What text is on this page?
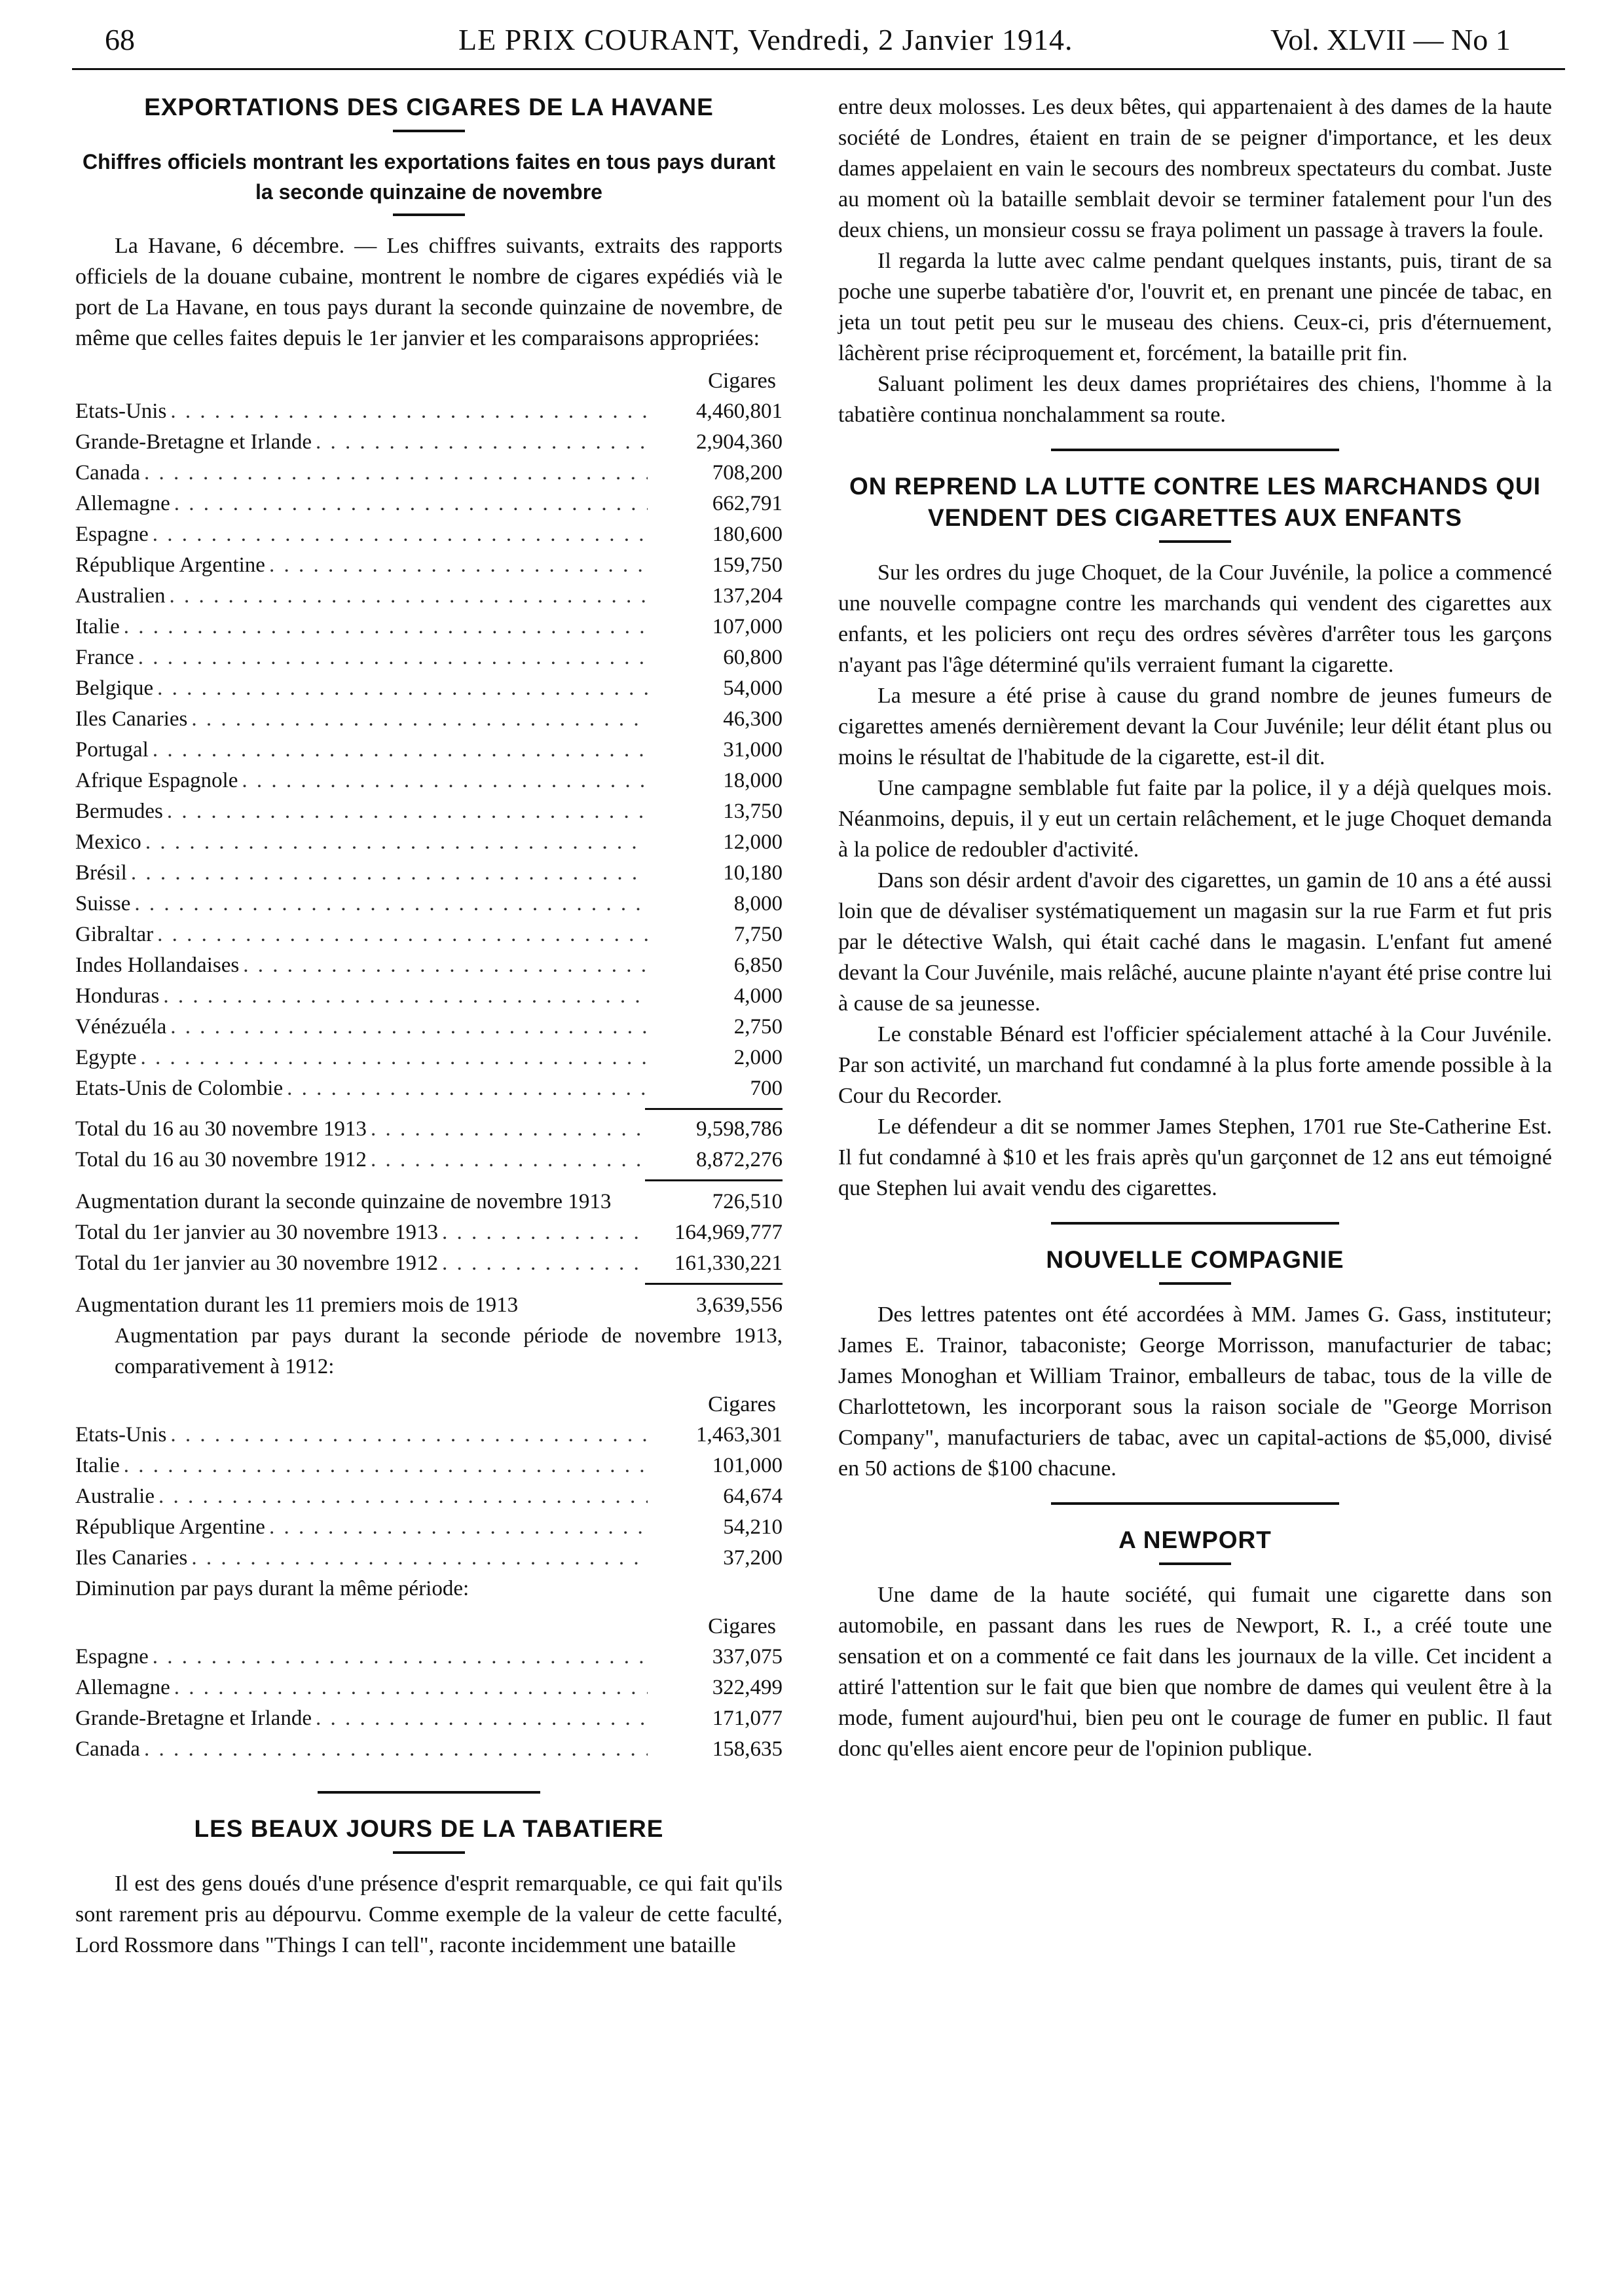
68	LE PRIX COURANT, Vendredi, 2 Janvier 1914.	Vol. XLVII — No 1
EXPORTATIONS DES CIGARES DE LA HAVANE
Chiffres officiels montrant les exportations faites en tous pays durant la seconde quinzaine de novembre

La Havane, 6 décembre. — Les chiffres suivants, extraits des rapports officiels de la douane cubaine, montrent le nombre de cigares expédiés vià le port de La Havane, en tous pays durant la seconde quinzaine de novembre, de même que celles faites depuis le 1er janvier et les comparaisons appropriées:

Cigares
Etats-Unis . . .	4,460,801
Grande-Bretagne et Irlande . . .	2,904,360
Canada . . .	708,200
Allemagne . . .	662,791
Espagne . . .	180,600
République Argentine . . .	159,750
Australien . . .	137,204
Italie . . .	107,000
France . . .	60,800
Belgique . . .	54,000
Iles Canaries . . .	46,300
Portugal . . .	31,000
Afrique Espagnole . . .	18,000
Bermudes . . .	13,750
Mexico . . .	12,000
Brésil . . .	10,180
Suisse . . .	8,000
Gibraltar . . .	7,750
Indes Hollandaises . . .	6,850
Honduras . . .	4,000
Vénézuéla . . .	2,750
Egypte . . .	2,000
Etats-Unis de Colombie . . .	700
Total du 16 au 30 novembre 1913 . . .	9,598,786
Total du 16 au 30 novembre 1912 . . .	8,872,276
Augmentation durant la seconde quinzaine de novembre 1913	726,510
Total du 1er janvier au 30 novembre 1913 . . .	164,969,777
Total du 1er janvier au 30 novembre 1912 . . .	161,330,221
Augmentation durant les 11 premiers mois de 1913	3,639,556
Augmentation par pays durant la seconde période de novembre 1913, comparativement à 1912:
Cigares
Etats-Unis . . .	1,463,301
Italie . . .	101,000
Australie . . .	64,674
République Argentine . . .	54,210
Iles Canaries . . .	37,200
Diminution par pays durant la même période:
Cigares
Espagne . . .	337,075
Allemagne . . .	322,499
Grande-Bretagne et Irlande . . .	171,077
Canada . . .	158,635
LES BEAUX JOURS DE LA TABATIERE

Il est des gens doués d'une présence d'esprit remarquable, ce qui fait qu'ils sont rarement pris au dépourvu. Comme exemple de la valeur de cette faculté, Lord Rossmore dans "Things I can tell", raconte incidemment une bataille

entre deux molosses. Les deux bêtes, qui appartenaient à des dames de la haute société de Londres, étaient en train de se peigner d'importance, et les deux dames appelaient en vain le secours des nombreux spectateurs du combat. Juste au moment où la bataille semblait devoir se terminer fatalement pour l'un des deux chiens, un monsieur cossu se fraya poliment un passage à travers la foule.

Il regarda la lutte avec calme pendant quelques instants, puis, tirant de sa poche une superbe tabatière d'or, l'ouvrit et, en prenant une pincée de tabac, en jeta un tout petit peu sur le museau des chiens. Ceux-ci, pris d'éternuement, lâchèrent prise réciproquement et, forcément, la bataille prit fin.

Saluant poliment les deux dames propriétaires des chiens, l'homme à la tabatière continua nonchalamment sa route.

ON REPREND LA LUTTE CONTRE LES MARCHANDS QUI VENDENT DES CIGARETTES AUX ENFANTS

Sur les ordres du juge Choquet, de la Cour Juvénile, la police a commencé une nouvelle compagne contre les marchands qui vendent des cigarettes aux enfants, et les policiers ont reçu des ordres sévères d'arrêter tous les garçons n'ayant pas l'âge déterminé qu'ils verraient fumant la cigarette.

La mesure a été prise à cause du grand nombre de jeunes fumeurs de cigarettes amenés dernièrement devant la Cour Juvénile; leur délit étant plus ou moins le résultat de l'habitude de la cigarette, est-il dit.

Une campagne semblable fut faite par la police, il y a déjà quelques mois. Néanmoins, depuis, il y eut un certain relâchement, et le juge Choquet demanda à la police de redoubler d'activité.

Dans son désir ardent d'avoir des cigarettes, un gamin de 10 ans a été aussi loin que de dévaliser systématiquement un magasin sur la rue Farm et fut pris par le détective Walsh, qui était caché dans le magasin. L'enfant fut amené devant la Cour Juvénile, mais relâché, aucune plainte n'ayant été prise contre lui à cause de sa jeunesse.

Le constable Bénard est l'officier spécialement attaché à la Cour Juvénile. Par son activité, un marchand fut condamné à la plus forte amende possible à la Cour du Recorder.

Le défendeur a dit se nommer James Stephen, 1701 rue Ste-Catherine Est. Il fut condamné à $10 et les frais après qu'un garçonnet de 12 ans eut témoigné que Stephen lui avait vendu des cigarettes.

NOUVELLE COMPAGNIE

Des lettres patentes ont été accordées à MM. James G. Gass, instituteur; James E. Trainor, tabaconiste; George Morrisson, manufacturier de tabac; James Monoghan et William Trainor, emballeurs de tabac, tous de la ville de Charlottetown, les incorporant sous la raison sociale de "George Morrison Company", manufacturiers de tabac, avec un capital-actions de $5,000, divisé en 50 actions de $100 chacune.

A NEWPORT

Une dame de la haute société, qui fumait une cigarette dans son automobile, en passant dans les rues de Newport, R. I., a créé toute une sensation et on a commenté ce fait dans les journaux de la ville. Cet incident a attiré l'attention sur le fait que bien que nombre de dames qui veulent être à la mode, fument aujourd'hui, bien peu ont le courage de fumer en public. Il faut donc qu'elles aient encore peur de l'opinion publique.
